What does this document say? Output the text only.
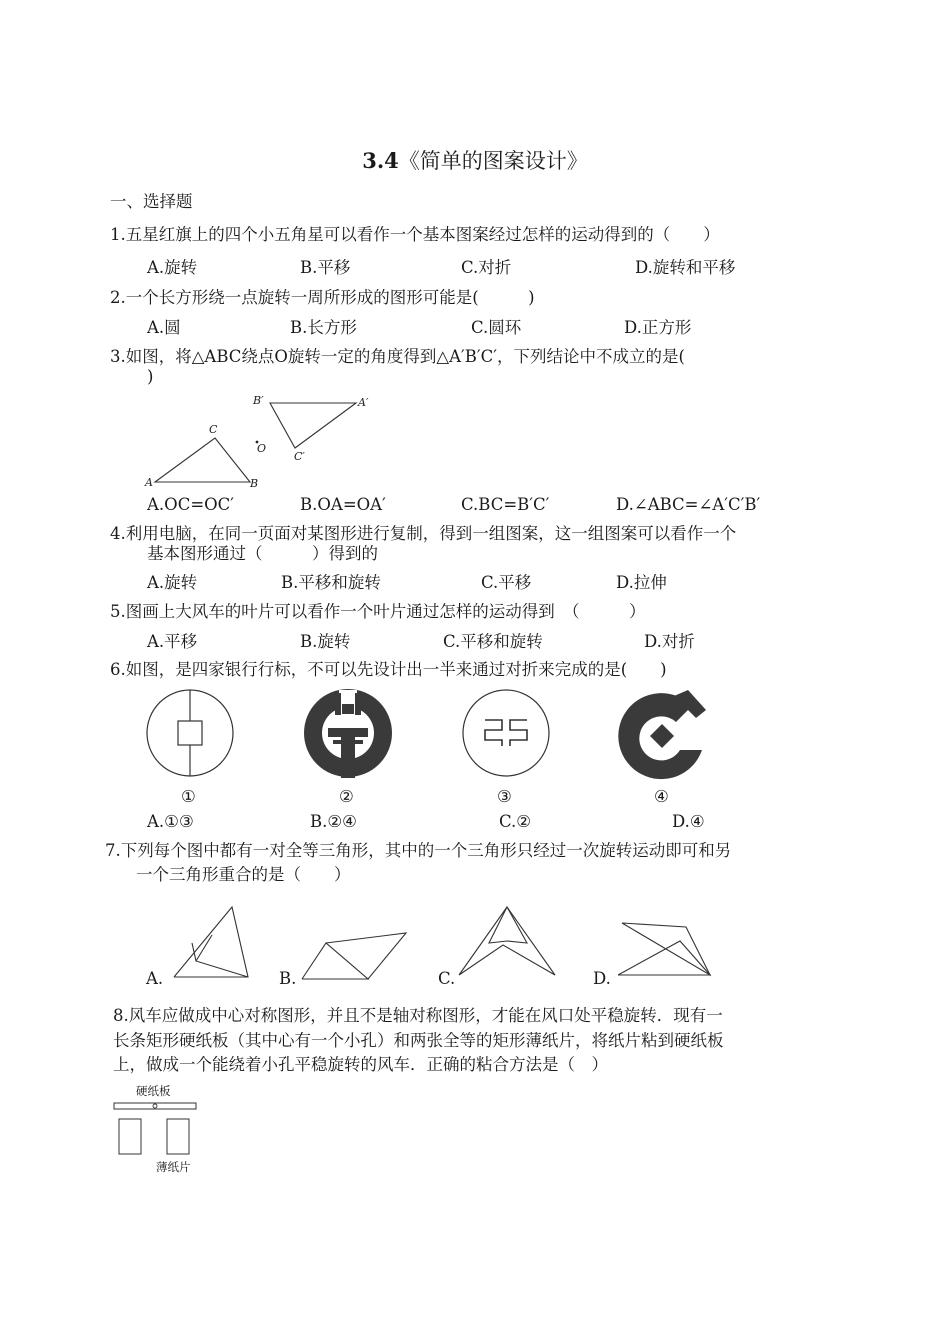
3.4《简单的图案设计》
一、选择题
1.五星红旗上的四个小五角星可以看作一个基本图案经过怎样的运动得到的（　　）
A.旋转	B.平移	C.对折	D.旋转和平移
2.一个长方形绕一点旋转一周所形成的图形可能是(　　　)
A.圆	B.长方形	C.圆环	D.正方形
3.如图，将△ABC绕点O旋转一定的角度得到△A′B′C′，下列结论中不成立的是(
)
A	B
C
O
A′
B′
C′
A.OC=OC′	B.OA=OA′	C.BC=B′C′	D.∠ABC=∠A′C′B′
4.利用电脑，在同一页面对某图形进行复制，得到一组图案，这一组图案可以看作一个
基本图形通过（　　　）得到的
A.旋转	B.平移和旋转	C.平移	D.拉伸
5.图画上大风车的叶片可以看作一个叶片通过怎样的运动得到　（　　　）
A.平移	B.旋转	C.平移和旋转	D.对折
6.如图，是四家银行行标，不可以先设计出一半来通过对折来完成的是(　　)
①	②	③	④
A.①③	B.②④	C.②	D.④
7.下列每个图中都有一对全等三角形，其中的一个三角形只经过一次旋转运动即可和另
一个三角形重合的是（　　）
A.	B.	C.	D.
8.风车应做成中心对称图形，并且不是轴对称图形，才能在风口处平稳旋转．现有一
长条矩形硬纸板（其中心有一个小孔）和两张全等的矩形薄纸片，将纸片粘到硬纸板
上，做成一个能绕着小孔平稳旋转的风车．正确的粘合方法是（　）
硬纸板
薄纸片
